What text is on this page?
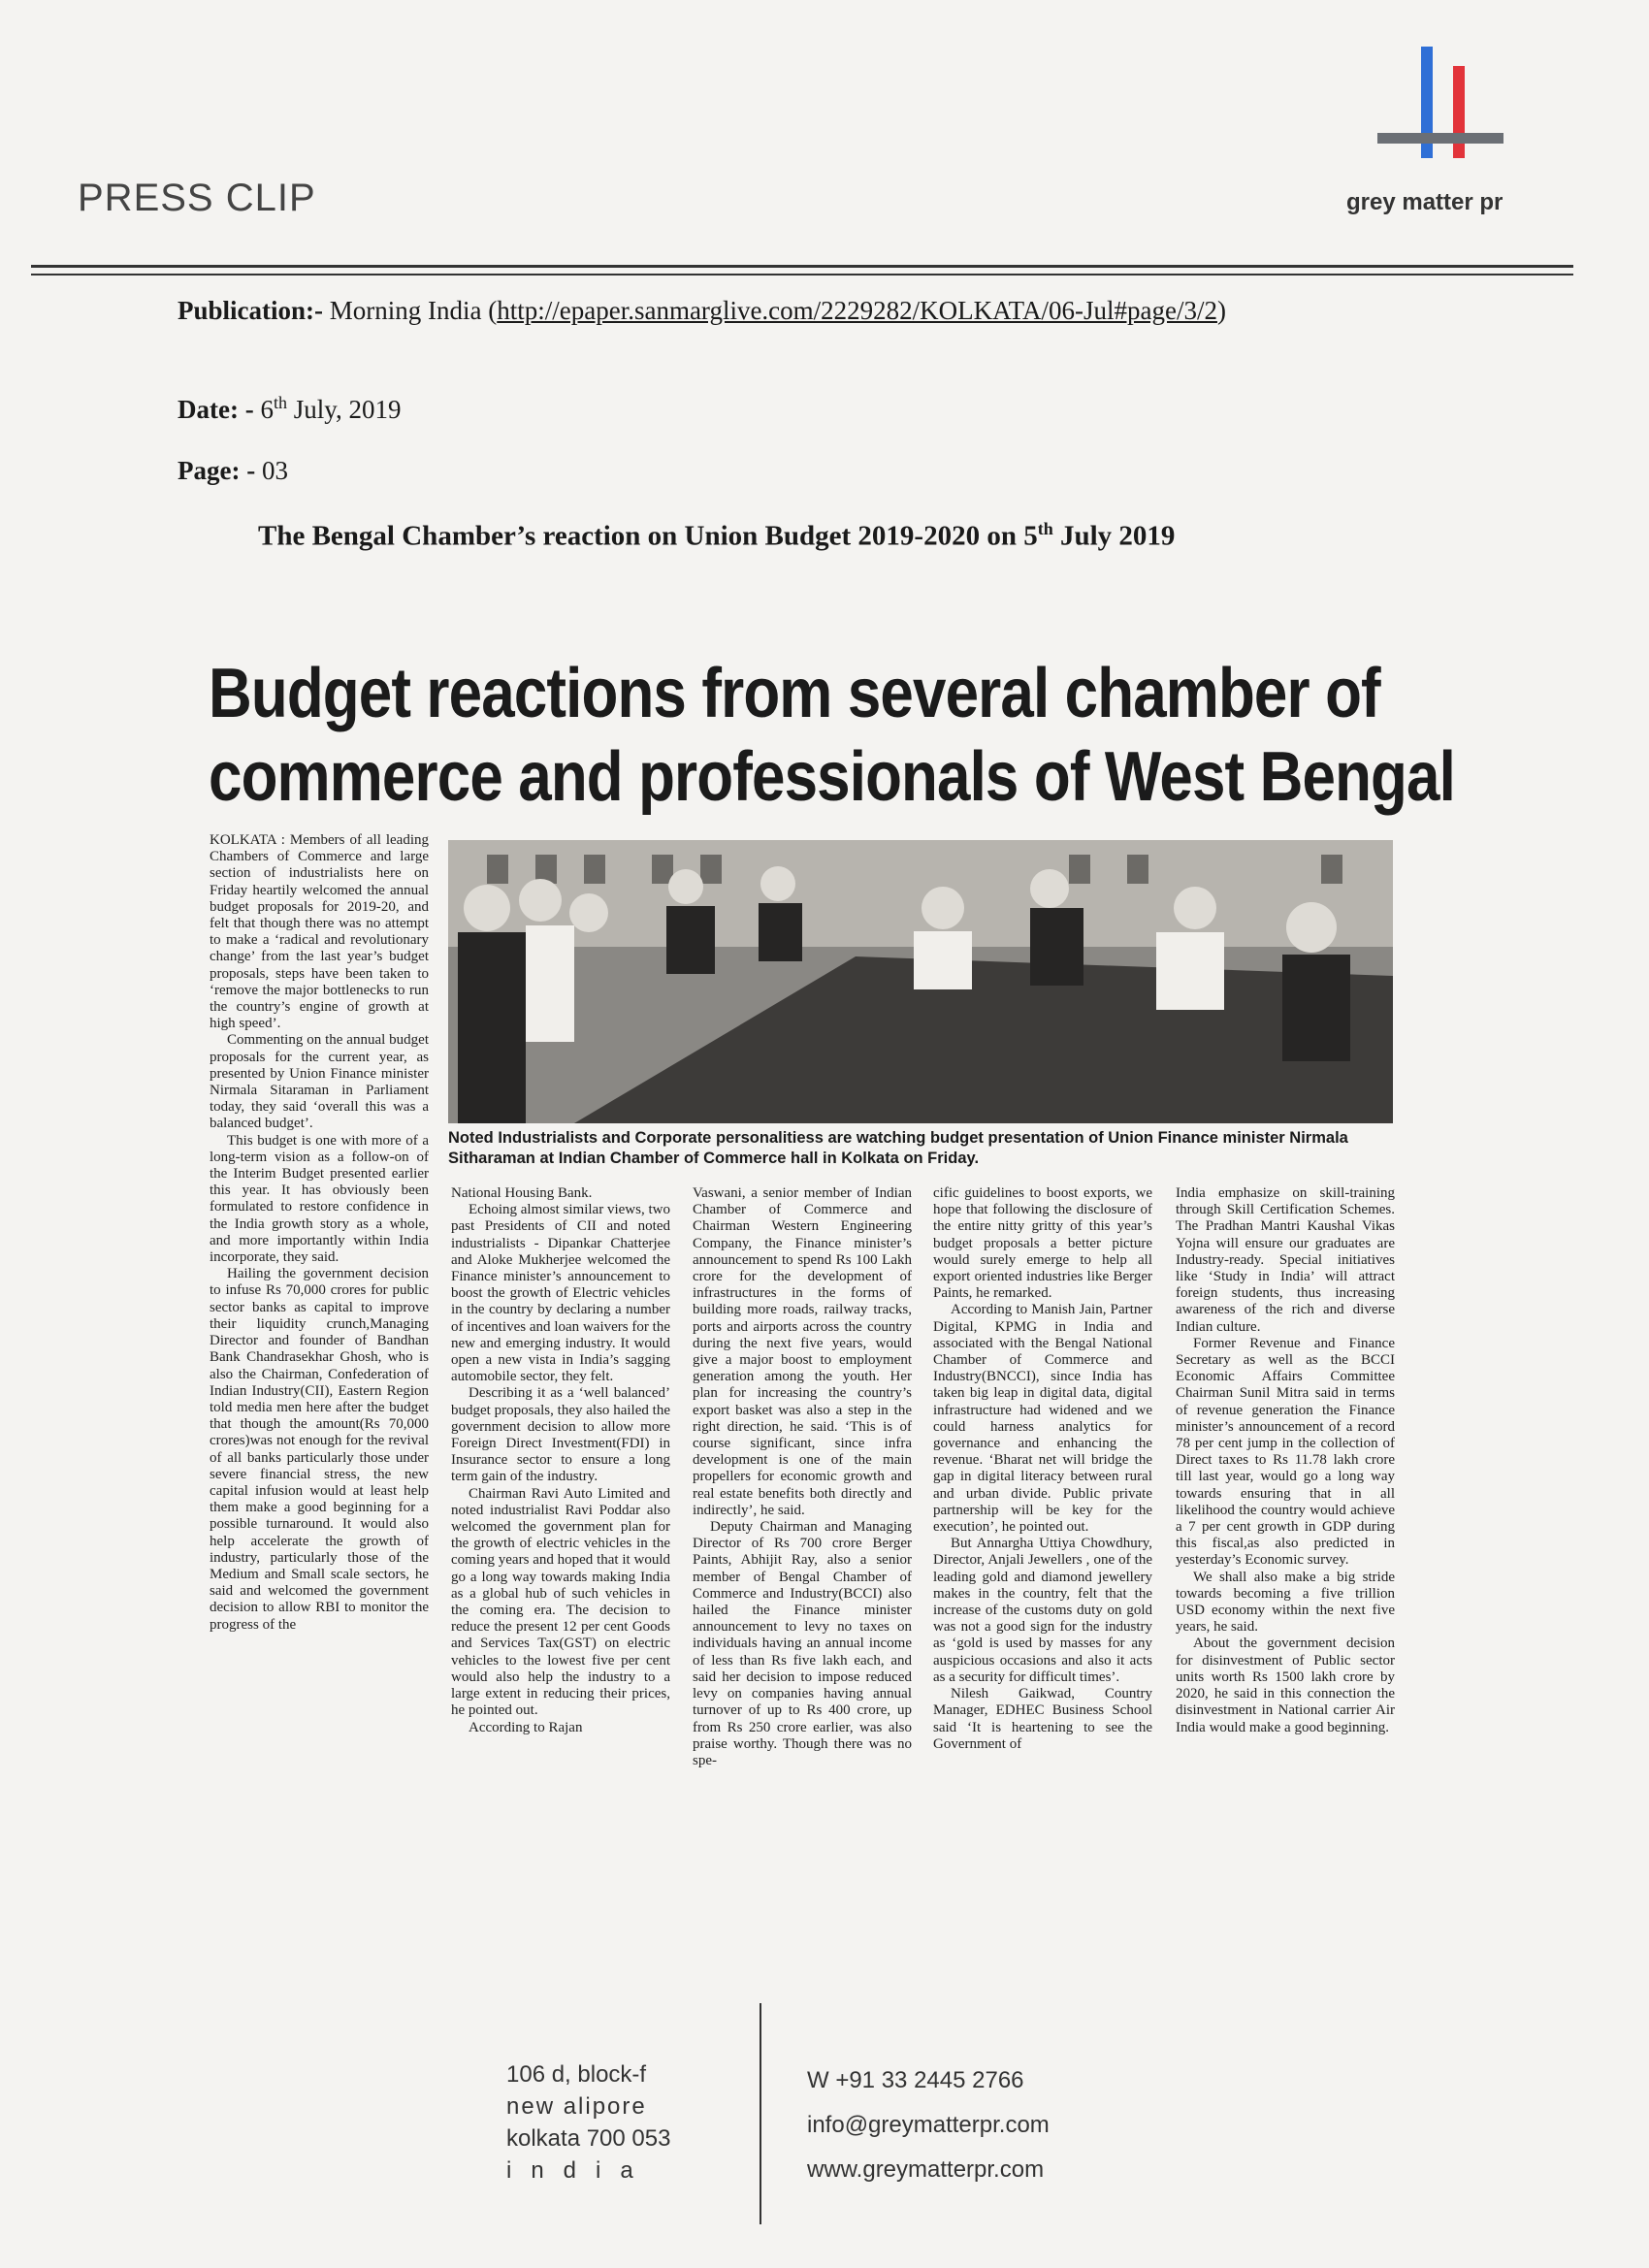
PRESS CLIP	grey matter pr
Publication:- Morning India (http://epaper.sanmarglive.com/2229282/KOLKATA/06-Jul#page/3/2)
Date: - 6th July, 2019
Page: - 03
The Bengal Chamber’s reaction on Union Budget 2019-2020 on 5th July 2019
Budget reactions from several chamber of
commerce and professionals of West Bengal
Noted Industrialists and Corporate personalitiess are watching budget presentation of Union Finance minister Nirmala Sitharaman at Indian Chamber of Commerce hall in Kolkata on Friday.

KOLKATA : Members of all leading Chambers of Commerce and large section of industrialists here on Friday heartily welcomed the annual budget proposals for 2019-20, and felt that though there was no attempt to make a ‘radical and revolutionary change’ from the last year’s budget proposals, steps have been taken to ‘remove the major bottlenecks to run the country’s engine of growth at high speed’.

Commenting on the annual budget proposals for the current year, as presented by Union Finance minister Nirmala Sitaraman in Parliament today, they said ‘overall this was a balanced budget’.

This budget is one with more of a long-term vision as a follow-on of the Interim Budget presented earlier this year. It has obviously been formulated to restore confidence in the India growth story as a whole, and more importantly within India incorporate, they said.

Hailing the government decision to infuse Rs 70,000 crores for public sector banks as capital to improve their liquidity crunch,Managing Director and founder of Bandhan Bank Chandrasekhar Ghosh, who is also the Chairman, Confederation of Indian Industry(CII), Eastern Region told media men here after the budget that though the amount(Rs 70,000 crores)was not enough for the revival of all banks particularly those under severe financial stress, the new capital infusion would at least help them make a good beginning for a possible turnaround. It would also help accelerate the growth of industry, particularly those of the Medium and Small scale sectors, he said and welcomed the government decision to allow RBI to monitor the progress of the

National Housing Bank.

Echoing almost similar views, two past Presidents of CII and noted industrialists - Dipankar Chatterjee and Aloke Mukherjee welcomed the Finance minister’s announcement to boost the growth of Electric vehicles in the country by declaring a number of incentives and loan waivers for the new and emerging industry. It would open a new vista in India’s sagging automobile sector, they felt.

Describing it as a ‘well balanced’ budget proposals, they also hailed the government decision to allow more Foreign Direct Investment(FDI) in Insurance sector to ensure a long term gain of the industry.

Chairman Ravi Auto Limited and noted industrialist Ravi Poddar also welcomed the government plan for the growth of electric vehicles in the coming years and hoped that it would go a long way towards making India as a global hub of such vehicles in the coming era. The decision to reduce the present 12 per cent Goods and Services Tax(GST) on electric vehicles to the lowest five per cent would also help the industry to a large extent in reducing their prices, he pointed out.

According to Rajan

Vaswani, a senior member of Indian Chamber of Commerce and Chairman Western Engineering Company, the Finance minister’s announcement to spend Rs 100 Lakh crore for the development of infrastructures in the forms of building more roads, railway tracks, ports and airports across the country during the next five years, would give a major boost to employment generation among the youth. Her plan for increasing the country’s export basket was also a step in the right direction, he said. ‘This is of course significant, since infra development is one of the main propellers for economic growth and real estate benefits both directly and indirectly’, he said.

Deputy Chairman and Managing Director of Rs 700 crore Berger Paints, Abhijit Ray, also a senior member of Bengal Chamber of Commerce and Industry(BCCI) also hailed the Finance minister announcement to levy no taxes on individuals having an annual income of less than Rs five lakh each, and said her decision to impose reduced levy on companies having annual turnover of up to Rs 400 crore, up from Rs 250 crore earlier, was also praise worthy. Though there was no spe-

cific guidelines to boost exports, we hope that following the disclosure of the entire nitty gritty of this year’s budget proposals a better picture would surely emerge to help all export oriented industries like Berger Paints, he remarked.

According to Manish Jain, Partner Digital, KPMG in India and associated with the Bengal National Chamber of Commerce and Industry(BNCCI), since India has taken big leap in digital data, digital infrastructure had widened and we could harness analytics for governance and enhancing the revenue. ‘Bharat net will bridge the gap in digital literacy between rural and urban divide. Public private partnership will be key for the execution’, he pointed out.

But Annargha Uttiya Chowdhury, Director, Anjali Jewellers , one of the leading gold and diamond jewellery makes in the country, felt that the increase of the customs duty on gold was not a good sign for the industry as ‘gold is used by masses for any auspicious occasions and also it acts as a security for difficult times’.

Nilesh Gaikwad, Country Manager, EDHEC Business School said ‘It is heartening to see the Government of

India emphasize on skill-training through Skill Certification Schemes. The Pradhan Mantri Kaushal Vikas Yojna will ensure our graduates are Industry-ready. Special initiatives like ‘Study in India’ will attract foreign students, thus increasing awareness of the rich and diverse Indian culture.

Former Revenue and Finance Secretary as well as the BCCI Economic Affairs Committee Chairman Sunil Mitra said in terms of revenue generation the Finance minister’s announcement of a record 78 per cent jump in the collection of Direct taxes to Rs 11.78 lakh crore till last year, would go a long way towards ensuring that in all likelihood the country would achieve a 7 per cent growth in GDP during this fiscal,as also predicted in yesterday’s Economic survey.

We shall also make a big stride towards becoming a five trillion USD economy within the next five years, he said.

About the government decision for disinvestment of Public sector units worth Rs 1500 lakh crore by 2020, he said in this connection the disinvestment in National carrier Air India would make a good beginning.

106 d, block-f
new alipore
kolkata 700 053
india
W +91 33 2445 2766
info@greymatterpr.com
www.greymatterpr.com
